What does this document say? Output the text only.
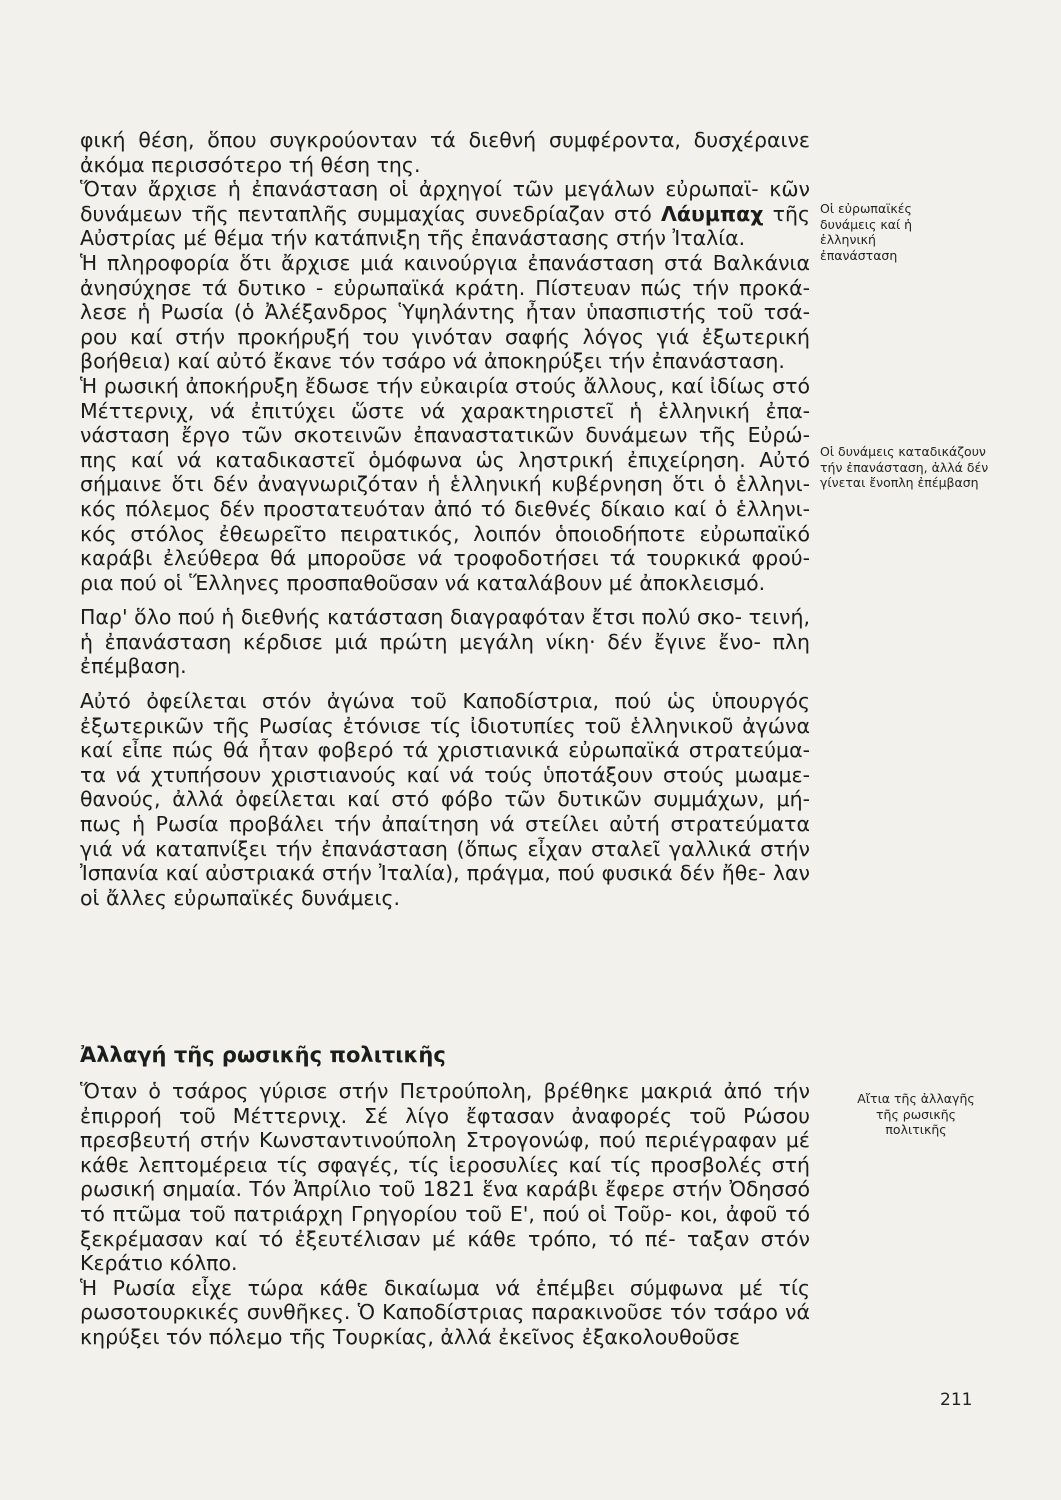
φική θέση, ὅπου συγκρούονταν τά διεθνή συμφέροντα, δυσχέραινε ἀκόμα περισσότερο τή θέση της.

Ὅταν ἄρχισε ἡ ἐπανάσταση οἱ ἀρχηγοί τῶν μεγάλων εὐρωπαϊ- κῶν δυνάμεων τῆς πενταπλῆς συμμαχίας συνεδρίαζαν στό Λάυμπαχ τῆς Αὐστρίας μέ θέμα τήν κατάπνιξη τῆς ἐπανάστασης στήν Ἰταλία.

Ἡ πληροφορία ὅτι ἄρχισε μιά καινούργια ἐπανάσταση στά Βαλκάνια ἀνησύχησε τά δυτικο - εὐρωπαϊκά κράτη. Πίστευαν πώς τήν προκά- λεσε ἡ Ρωσία (ὁ Ἀλέξανδρος Ὑψηλάντης ἦταν ὑπασπιστής τοῦ τσά- ρου καί στήν προκήρυξή του γινόταν σαφής λόγος γιά ἐξωτερική βοήθεια) καί αὐτό ἔκανε τόν τσάρο νά ἀποκηρύξει τήν ἐπανάσταση.

Ἡ ρωσική ἀποκήρυξη ἔδωσε τήν εὐκαιρία στούς ἄλλους, καί ἰδίως στό Μέττερνιχ, νά ἐπιτύχει ὥστε νά χαρακτηριστεῖ ἡ ἑλληνική ἐπα- νάσταση ἔργο τῶν σκοτεινῶν ἐπαναστατικῶν δυνάμεων τῆς Εὐρώ- πης καί νά καταδικαστεῖ ὁμόφωνα ὡς ληστρική ἐπιχείρηση. Αὐτό σήμαινε ὅτι δέν ἀναγνωριζόταν ἡ ἑλληνική κυβέρνηση ὅτι ὁ ἑλληνι- κός πόλεμος δέν προστατευόταν ἀπό τό διεθνές δίκαιο καί ὁ ἑλληνι- κός στόλος ἐθεωρεῖτο πειρατικός, λοιπόν ὁποιοδήποτε εὐρωπαϊκό καράβι ἐλεύθερα θά μποροῦσε νά τροφοδοτήσει τά τουρκικά φρού- ρια πού οἱ Ἕλληνες προσπαθοῦσαν νά καταλάβουν μέ ἀποκλεισμό.

Παρ' ὅλο πού ἡ διεθνής κατάσταση διαγραφόταν ἔτσι πολύ σκο- τεινή, ἡ ἐπανάσταση κέρδισε μιά πρώτη μεγάλη νίκη· δέν ἔγινε ἔνο- πλη ἐπέμβαση.

Αὐτό ὀφείλεται στόν ἀγώνα τοῦ Καποδίστρια, πού ὡς ὑπουργός ἐξωτερικῶν τῆς Ρωσίας ἐτόνισε τίς ἰδιοτυπίες τοῦ ἑλληνικοῦ ἀγώνα καί εἶπε πώς θά ἦταν φοβερό τά χριστιανικά εὐρωπαϊκά στρατεύμα- τα νά χτυπήσουν χριστιανούς καί νά τούς ὑποτάξουν στούς μωαμε- θανούς, ἀλλά ὀφείλεται καί στό φόβο τῶν δυτικῶν συμμάχων, μή- πως ἡ Ρωσία προβάλει τήν ἀπαίτηση νά στείλει αὐτή στρατεύματα γιά νά καταπνίξει τήν ἐπανάσταση (ὅπως εἶχαν σταλεῖ γαλλικά στήν Ἰσπανία καί αὐστριακά στήν Ἰταλία), πράγμα, πού φυσικά δέν ἤθε- λαν οἱ ἄλλες εὐρωπαϊκές δυνάμεις.

Ἀλλαγή τῆς ρωσικῆς πολιτικῆς

Ὅταν ὁ τσάρος γύρισε στήν Πετρούπολη, βρέθηκε μακριά ἀπό τήν ἐπιρροή τοῦ Μέττερνιχ. Σέ λίγο ἔφτασαν ἀναφορές τοῦ Ρώσου πρεσβευτή στήν Κωνσταντινούπολη Στρογονώφ, πού περιέγραφαν μέ κάθε λεπτομέρεια τίς σφαγές, τίς ἱεροσυλίες καί τίς προσβολές στή ρωσική σημαία. Τόν Ἀπρίλιο τοῦ 1821 ἕνα καράβι ἔφερε στήν Ὀδησσό τό πτῶμα τοῦ πατριάρχη Γρηγορίου τοῦ Ε', πού οἱ Τοῦρ- κοι, ἀφοῦ τό ξεκρέμασαν καί τό ἐξευτέλισαν μέ κάθε τρόπο, τό πέ- ταξαν στόν Κεράτιο κόλπο.

Ἡ Ρωσία εἶχε τώρα κάθε δικαίωμα νά ἐπέμβει σύμφωνα μέ τίς ρωσοτουρκικές συνθῆκες. Ὁ Καποδίστριας παρακινοῦσε τόν τσάρο νά κηρύξει τόν πόλεμο τῆς Τουρκίας, ἀλλά ἐκεῖνος ἐξακολουθοῦσε

Οἱ εὐρωπαϊκές δυνάμεις καί ἡ ἑλληνική ἐπανάσταση
Οἱ δυνάμεις καταδικάζουν τήν ἐπανάσταση, ἀλλά δέν γίνεται ἔνοπλη ἐπέμβαση
Αἴτια τῆς ἀλλαγῆς τῆς ρωσικῆς πολιτικῆς
211
